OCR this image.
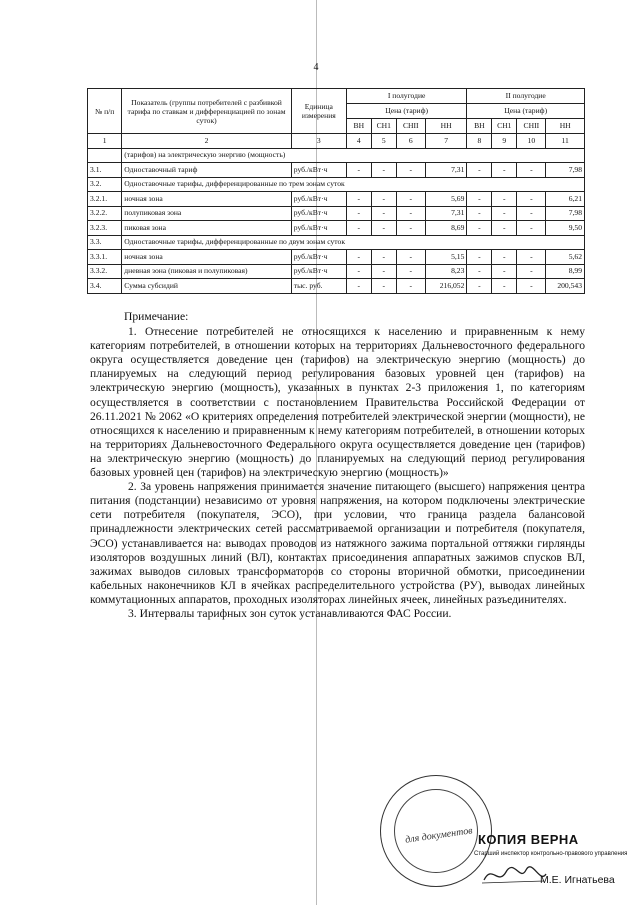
4
№ п/п	Показатель (группы потребителей с разбивкой тарифа по ставкам и дифференциацией по зонам суток)	Единица измерения	I полугодие				II полугодие			
			Цена (тариф)				Цена (тариф)			
			ВН	СН1	СНII	НН	ВН	СН1	СНII	НН
1	2	3	4	5	6	7	8	9	10	11
	(тарифов) на электрическую энергию (мощность)									
3.1.	Одноставочный тариф	руб./кВт·ч	-	-	-	7,31	-	-	-	7,98
3.2.	Одноставочные тарифы, дифференцированные по трем зонам суток									
3.2.1.	ночная зона	руб./кВт·ч	-	-	-	5,69	-	-	-	6,21
3.2.2.	полупиковая зона	руб./кВт·ч	-	-	-	7,31	-	-	-	7,98
3.2.3.	пиковая зона	руб./кВт·ч	-	-	-	8,69	-	-	-	9,50
3.3.	Одноставочные тарифы, дифференцированные по двум зонам суток									
3.3.1.	ночная зона	руб./кВт·ч	-	-	-	5,15	-	-	-	5,62
3.3.2.	дневная зона (пиковая и полупиковая)	руб./кВт·ч	-	-	-	8,23	-	-	-	8,99
3.4.	Сумма субсидий	тыс. руб.	-	-	-	216,052	-	-	-	200,543

Примечание:

1. Отнесение потребителей не относящихся к населению и приравненным к нему категориям потребителей, в отношении которых на территориях Дальневосточного федерального округа осуществляется доведение цен (тарифов) на электрическую энергию (мощность) до планируемых на следующий период регулирования базовых уровней цен (тарифов) на электрическую энергию (мощность), указанных в пунктах 2-3 приложения 1, по категориям осуществляется в соответствии с постановлением Правительства Российской Федерации от 26.11.2021 № 2062 «О критериях определения потребителей электрической энергии (мощности), не относящихся к населению и приравненным к нему категориям потребителей, в отношении которых на территориях Дальневосточного Федерального округа осуществляется доведение цен (тарифов) на электрическую энергию (мощность) до планируемых на следующий период регулирования базовых уровней цен (тарифов) на электрическую энергию (мощность)»

2. За уровень напряжения принимается значение питающего (высшего) напряжения центра питания (подстанции) независимо от уровня напряжения, на котором подключены электрические сети потребителя (покупателя, ЭСО), при условии, что граница раздела балансовой принадлежности электрических сетей рассматриваемой организации и потребителя (покупателя, ЭСО) устанавливается на: выводах проводов из натяжного зажима портальной оттяжки гирлянды изоляторов воздушных линий (ВЛ), контактах присоединения аппаратных зажимов спусков ВЛ, зажимах выводов силовых трансформаторов со стороны вторичной обмотки, присоединении кабельных наконечников КЛ в ячейках распределительного устройства (РУ), выводах линейных коммутационных аппаратов, проходных изоляторах линейных ячеек, линейных разъединителях.

3. Интервалы тарифных зон суток устанавливаются ФАС России.

для документов КОПИЯ ВЕРНА
Старший инспектор контрольно-правового управления
М.Е. Игнатьева
